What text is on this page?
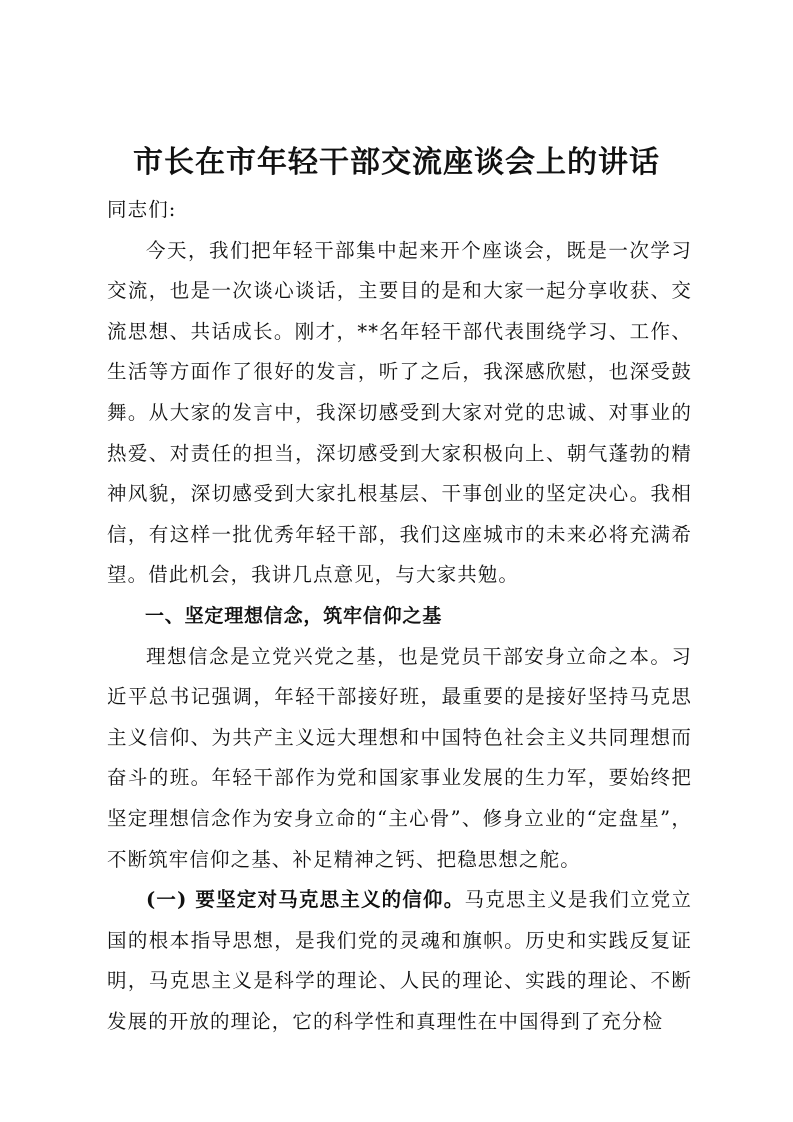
市长在市年轻干部交流座谈会上的讲话

同志们:

今天，我们把年轻干部集中起来开个座谈会，既是一次学习交流，也是一次谈心谈话，主要目的是和大家一起分享收获、交流思想、共话成长。刚才，**名年轻干部代表围绕学习、工作、生活等方面作了很好的发言，听了之后，我深感欣慰，也深受鼓舞。从大家的发言中，我深切感受到大家对党的忠诚、对事业的热爱、对责任的担当，深切感受到大家积极向上、朝气蓬勃的精神风貌，深切感受到大家扎根基层、干事创业的坚定决心。我相信，有这样一批优秀年轻干部，我们这座城市的未来必将充满希望。借此机会，我讲几点意见，与大家共勉。

一、坚定理想信念，筑牢信仰之基

理想信念是立党兴党之基，也是党员干部安身立命之本。习近平总书记强调，年轻干部接好班，最重要的是接好坚持马克思主义信仰、为共产主义远大理想和中国特色社会主义共同理想而奋斗的班。年轻干部作为党和国家事业发展的生力军，要始终把坚定理想信念作为安身立命的“主心骨”、修身立业的“定盘星”，不断筑牢信仰之基、补足精神之钙、把稳思想之舵。

(一) 要坚定对马克思主义的信仰。马克思主义是我们立党立国的根本指导思想，是我们党的灵魂和旗帜。历史和实践反复证明，马克思主义是科学的理论、人民的理论、实践的理论、不断发展的开放的理论，它的科学性和真理性在中国得到了充分检
